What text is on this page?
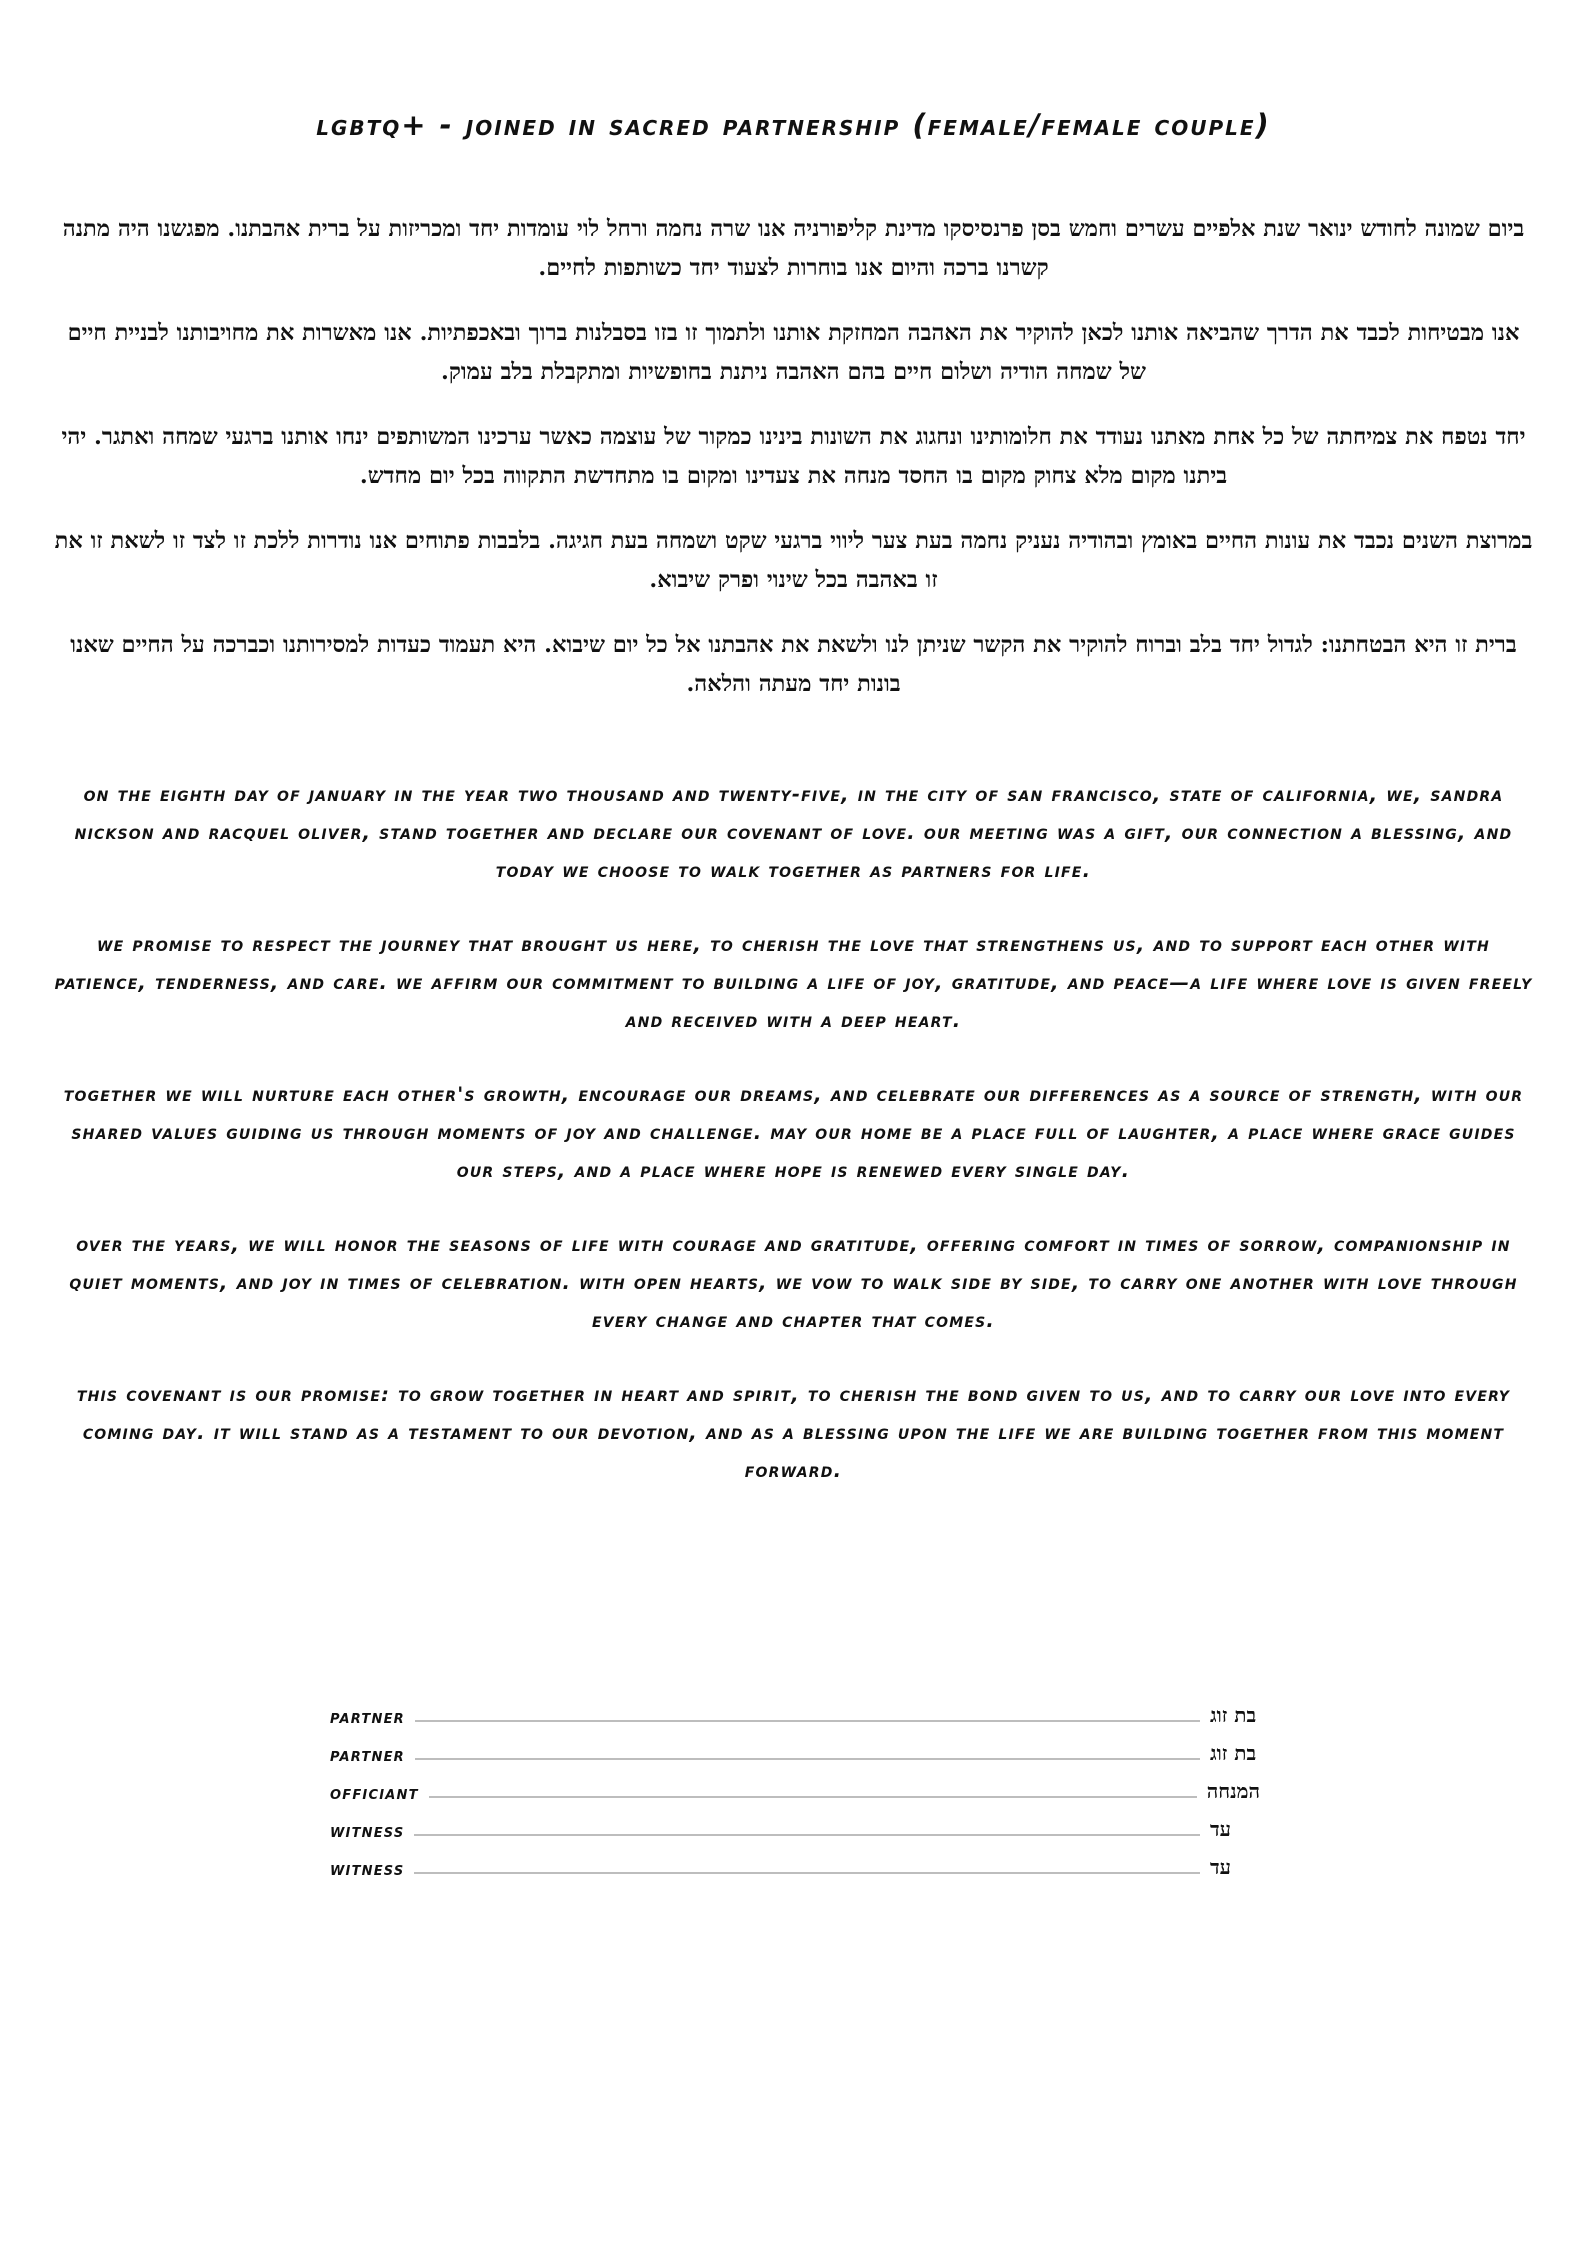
lgbtq+ - joined in sacred partnership (female/female couple)

ביום שמונה לחודש ינואר שנת אלפיים עשרים וחמש בסן פרנסיסקו מדינת קליפורניה אנו שרה נחמה ורחל לוי עומדות יחד ומכריזות על ברית אהבתנו. מפגשנו היה מתנה קשרנו ברכה והיום אנו בוחרות לצעוד יחד כשותפות לחיים.

אנו מבטיחות לכבד את הדרך שהביאה אותנו לכאן להוקיר את האהבה המחזקת אותנו ולתמוך זו בזו בסבלנות ברוך ובאכפתיות. אנו מאשרות את מחויבותנו לבניית חיים של שמחה הודיה ושלום חיים בהם האהבה ניתנת בחופשיות ומתקבלת בלב עמוק.

יחד נטפח את צמיחתה של כל אחת מאתנו נעודד את חלומותינו ונחגוג את השונות בינינו כמקור של עוצמה כאשר ערכינו המשותפים ינחו אותנו ברגעי שמחה ואתגר. יהי ביתנו מקום מלא צחוק מקום בו החסד מנחה את צעדינו ומקום בו מתחדשת התקווה בכל יום מחדש.

במרוצת השנים נכבד את עונות החיים באומץ ובהודיה נעניק נחמה בעת צער ליווי ברגעי שקט ושמחה בעת חגיגה. בלבבות פתוחים אנו נודרות ללכת זו לצד זו לשאת זו את זו באהבה בכל שינוי ופרק שיבוא.

ברית זו היא הבטחתנו: לגדול יחד בלב וברוח להוקיר את הקשר שניתן לנו ולשאת את אהבתנו אל כל יום שיבוא. היא תעמוד כעדות למסירותנו וכברכה על החיים שאנו בונות יחד מעתה והלאה.

on the eighth day of january in the year two thousand and twenty-five, in the city of san francisco, state of california, we, sandra nickson and racquel oliver, stand together and declare our covenant of love. our meeting was a gift, our connection a blessing, and today we choose to walk together as partners for life.

we promise to respect the journey that brought us here, to cherish the love that strengthens us, and to support each other with patience, tenderness, and care. we affirm our commitment to building a life of joy, gratitude, and peace—a life where love is given freely and received with a deep heart.

together we will nurture each other's growth, encourage our dreams, and celebrate our differences as a source of strength, with our shared values guiding us through moments of joy and challenge. may our home be a place full of laughter, a place where grace guides our steps, and a place where hope is renewed every single day.

over the years, we will honor the seasons of life with courage and gratitude, offering comfort in times of sorrow, companionship in quiet moments, and joy in times of celebration. with open hearts, we vow to walk side by side, to carry one another with love through every change and chapter that comes.

this covenant is our promise: to grow together in heart and spirit, to cherish the bond given to us, and to carry our love into every coming day. it will stand as a testament to our devotion, and as a blessing upon the life we are building together from this moment forward.

partner	בת זוג
partner	בת זוג
officiant	המנחה
witness	עד
witness	עד
